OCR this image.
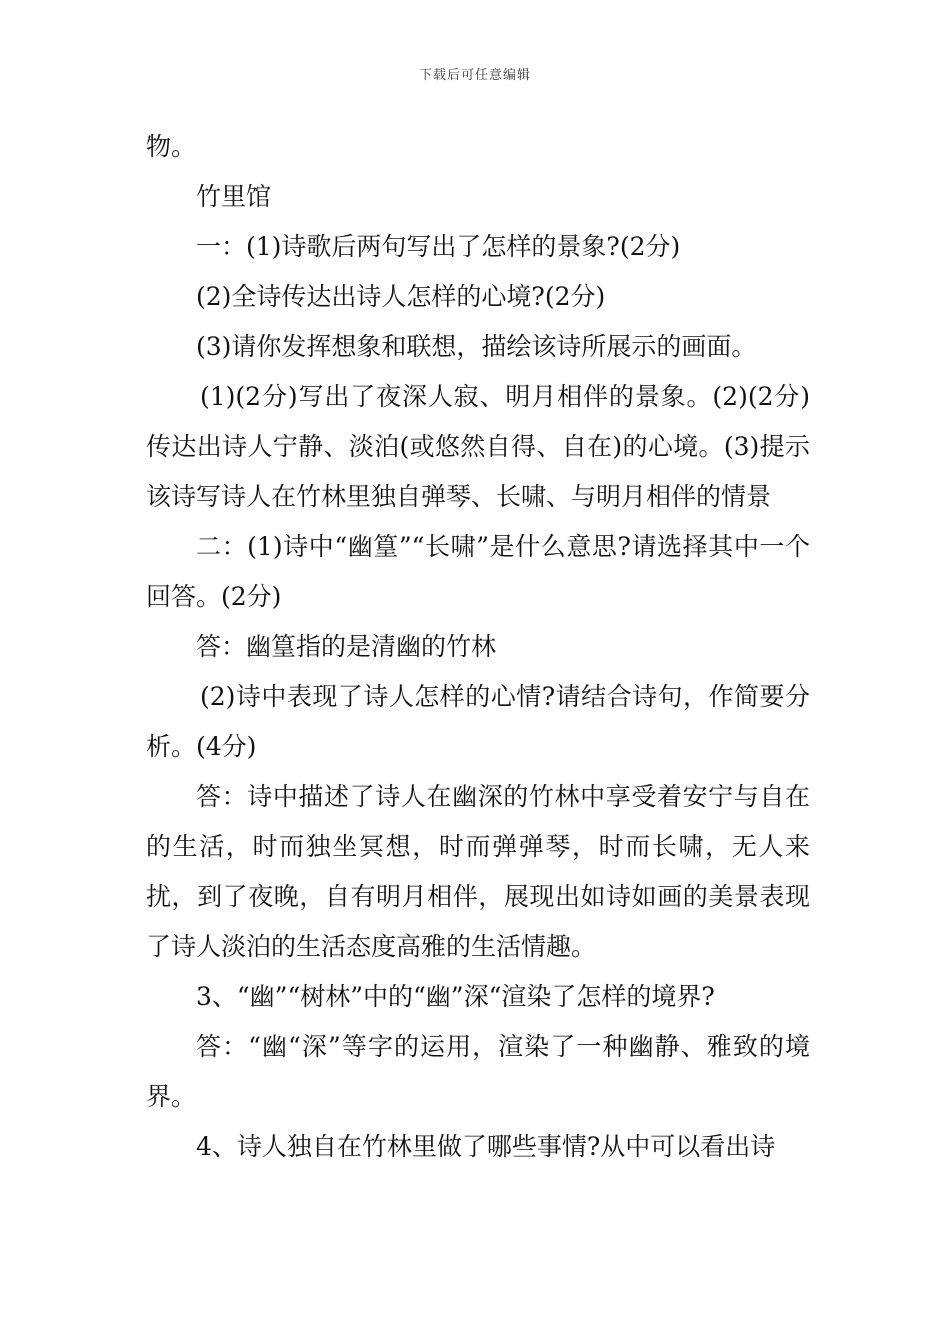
下载后可任意编辑

物。

竹里馆

一：(1)诗歌后两句写出了怎样的景象?(2分)

(2)全诗传达出诗人怎样的心境?(2分)

(3)请你发挥想象和联想，描绘该诗所展示的画面。

(1)(2分)写出了夜深人寂、明月相伴的景象。(2)(2分)传达出诗人宁静、淡泊(或悠然自得、自在)的心境。(3)提示该诗写诗人在竹林里独自弹琴、长啸、与明月相伴的情景

二：(1)诗中“幽篁”“长啸”是什么意思?请选择其中一个回答。(2分)

答：幽篁指的是清幽的竹林

(2)诗中表现了诗人怎样的心情?请结合诗句，作简要分析。(4分)

答：诗中描述了诗人在幽深的竹林中享受着安宁与自在的生活，时而独坐冥想，时而弹弹琴，时而长啸，无人来扰，到了夜晚，自有明月相伴，展现出如诗如画的美景表现了诗人淡泊的生活态度高雅的生活情趣。

3、“幽”“树林”中的“幽”深“渲染了怎样的境界?

答：“幽“深”等字的运用，渲染了一种幽静、雅致的境界。

4、诗人独自在竹林里做了哪些事情?从中可以看出诗
